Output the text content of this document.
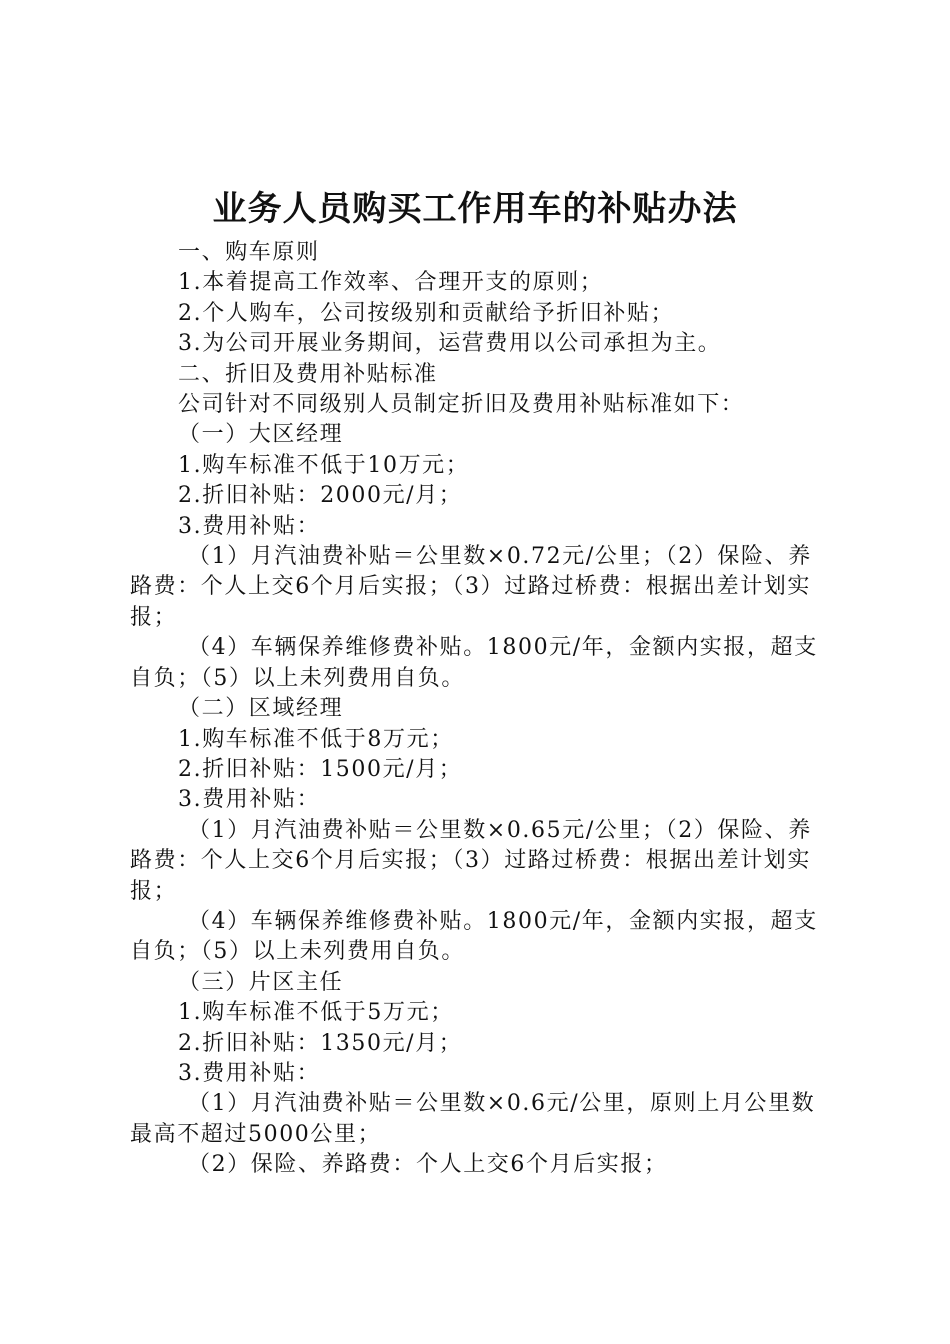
业务人员购买工作用车的补贴办法

一、购车原则

1.本着提高工作效率、合理开支的原则；

2.个人购车，公司按级别和贡献给予折旧补贴；

3.为公司开展业务期间，运营费用以公司承担为主。

二、折旧及费用补贴标准

公司针对不同级别人员制定折旧及费用补贴标准如下：

（一）大区经理

1.购车标准不低于10万元；

2.折旧补贴：2000元/月；

3.费用补贴：

（1）月汽油费补贴＝公里数×0.72元/公里；（2）保险、养路费：个人上交6个月后实报；（3）过路过桥费：根据出差计划实报；

（4）车辆保养维修费补贴。1800元/年，金额内实报，超支自负；（5）以上未列费用自负。

（二）区域经理

1.购车标准不低于8万元；

2.折旧补贴：1500元/月；

3.费用补贴：

（1）月汽油费补贴＝公里数×0.65元/公里；（2）保险、养路费：个人上交6个月后实报；（3）过路过桥费：根据出差计划实报；

（4）车辆保养维修费补贴。1800元/年，金额内实报，超支自负；（5）以上未列费用自负。

（三）片区主任

1.购车标准不低于5万元；

2.折旧补贴：1350元/月；

3.费用补贴：

（1）月汽油费补贴＝公里数×0.6元/公里，原则上月公里数最高不超过5000公里；

（2）保险、养路费：个人上交6个月后实报；
